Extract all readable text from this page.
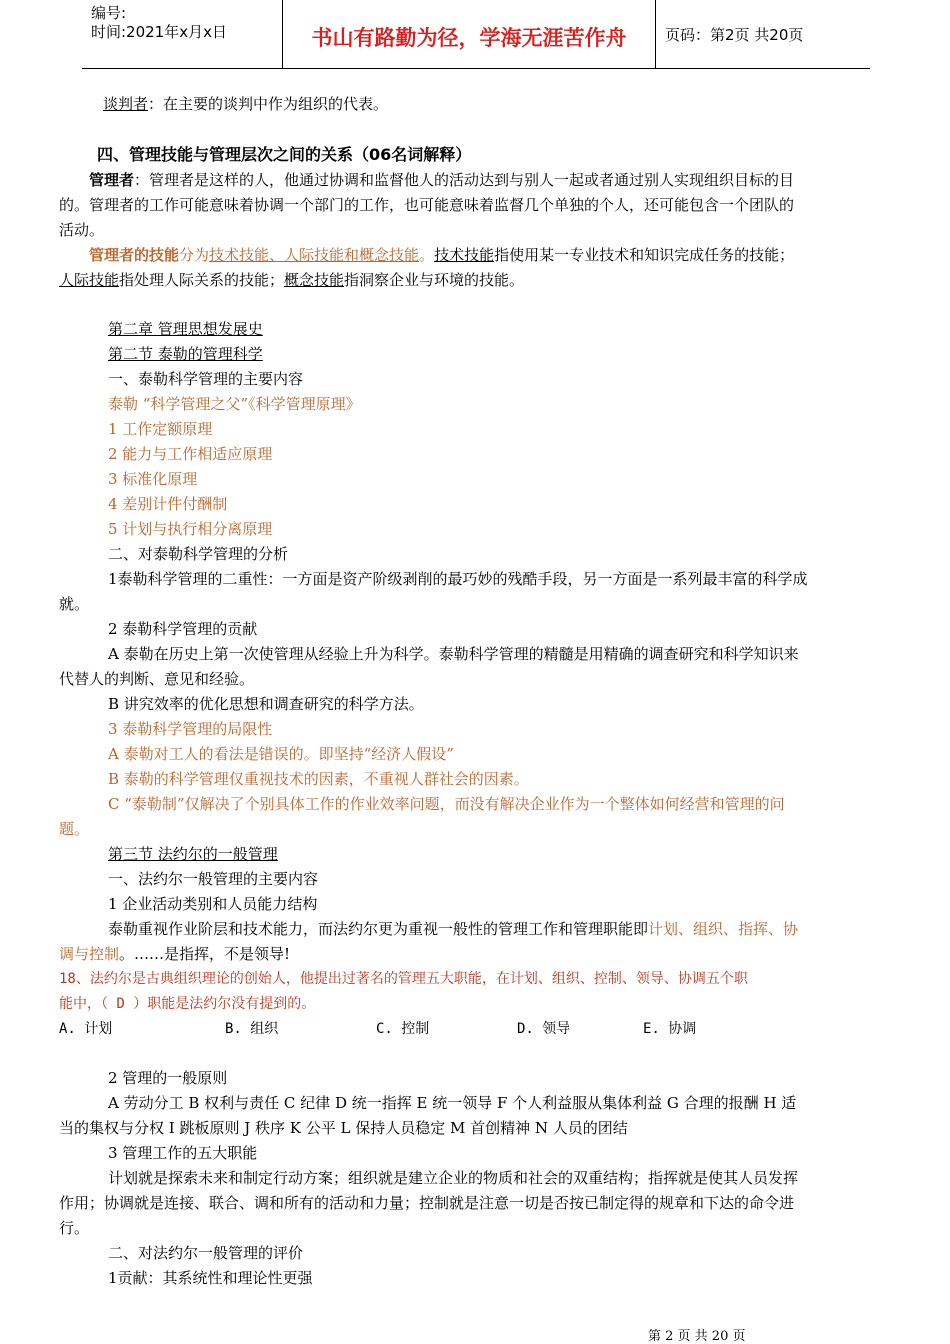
编号:
时间:2021年x月x日	书山有路勤为径，学海无涯苦作舟	页码：第2页 共20页
谈判者：在主要的谈判中作为组织的代表。
四、管理技能与管理层次之间的关系（06名词解释）
管理者：管理者是这样的人，他通过协调和监督他人的活动达到与别人一起或者通过别人实现组织目标的目
的。管理者的工作可能意味着协调一个部门的工作，也可能意味着监督几个单独的个人，还可能包含一个团队的
活动。
管理者的技能分为技术技能、人际技能和概念技能。技术技能指使用某一专业技术和知识完成任务的技能；
人际技能指处理人际关系的技能；概念技能指洞察企业与环境的技能。
第二章 管理思想发展史
第二节 泰勒的管理科学
一、泰勒科学管理的主要内容
泰勒 “科学管理之父”《科学管理原理》
1 工作定额原理
2 能力与工作相适应原理
3 标准化原理
4 差别计件付酬制
5 计划与执行相分离原理
二、对泰勒科学管理的分析
1泰勒科学管理的二重性：一方面是资产阶级剥削的最巧妙的残酷手段，另一方面是一系列最丰富的科学成
就。
2 泰勒科学管理的贡献
A 泰勒在历史上第一次使管理从经验上升为科学。泰勒科学管理的精髓是用精确的调查研究和科学知识来
代替人的判断、意见和经验。
B 讲究效率的优化思想和调查研究的科学方法。
3 泰勒科学管理的局限性
A 泰勒对工人的看法是错误的。即坚持“经济人假设”
B 泰勒的科学管理仅重视技术的因素，不重视人群社会的因素。
C “泰勒制”仅解决了个别具体工作的作业效率问题，而没有解决企业作为一个整体如何经营和管理的问
题。
第三节 法约尔的一般管理
一、法约尔一般管理的主要内容
1 企业活动类别和人员能力结构
泰勒重视作业阶层和技术能力，而法约尔更为重视一般性的管理工作和管理职能即计划、组织、指挥、协
调与控制。……是指挥，不是领导!
18、法约尔是古典组织理论的创始人，他提出过著名的管理五大职能，在计划、组织、控制、领导、协调五个职
能中，（ D ）职能是法约尔没有提到的。
A. 计划	B. 组织	C. 控制	D. 领导	E. 协调
2 管理的一般原则
A 劳动分工 B 权利与责任 C 纪律 D 统一指挥 E 统一领导 F 个人利益服从集体利益 G 合理的报酬 H 适
当的集权与分权 I 跳板原则 J 秩序 K 公平 L 保持人员稳定 M 首创精神 N 人员的团结
3 管理工作的五大职能
计划就是探索未来和制定行动方案；组织就是建立企业的物质和社会的双重结构；指挥就是使其人员发挥
作用；协调就是连接、联合、调和所有的活动和力量；控制就是注意一切是否按已制定得的规章和下达的命令进
行。
二、对法约尔一般管理的评价
1贡献：其系统性和理论性更强
第 2 页 共 20 页
